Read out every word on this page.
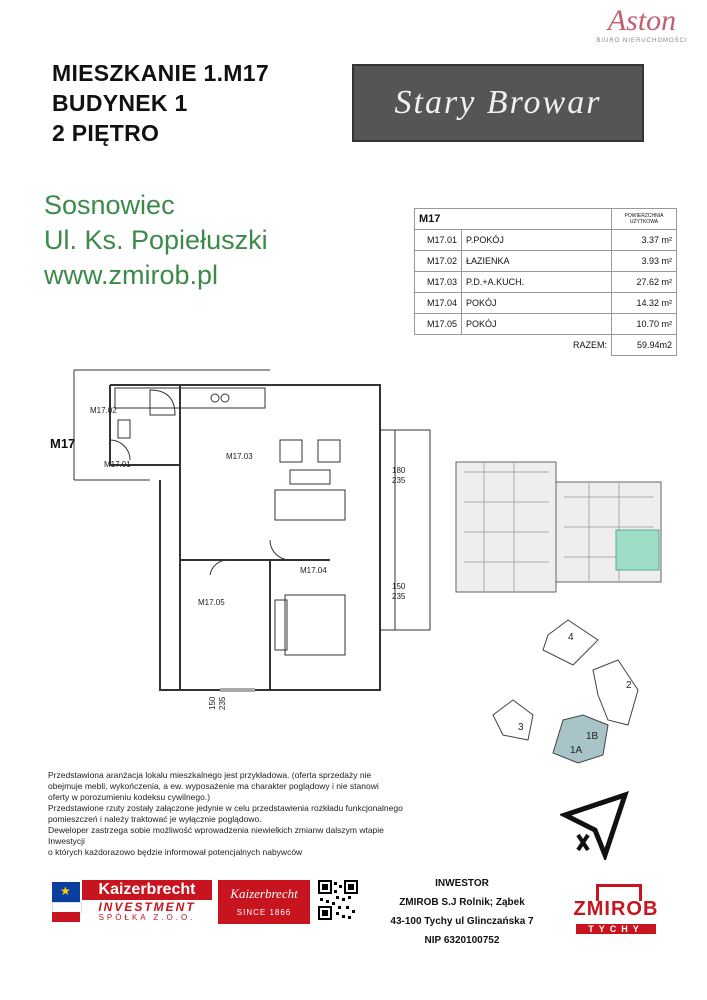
MIESZKANIE 1.M17
BUDYNEK 1
2 PIĘTRO
Aston
BIURO NIERUCHOMOŚCI
Stary Browar
Sosnowiec
Ul. Ks. Popiełuszki
www.zmirob.pl
M17		POWIERZCHNIA UŻYTKOWA
M17.01	P.POKÓJ	3.37 m²
M17.02	ŁAZIENKA	3.93 m²
M17.03	P.D.+A.KUCH.	27.62 m²
M17.04	POKÓJ	14.32 m²
M17.05	POKÓJ	10.70 m²
RAZEM:		59.94m2
M17.02
M17
M17.01
M17.03
M17.04
M17.05
180
235
150
235
150 235
4
2
3
1B
1A
Przedstawiona aranżacja lokalu mieszkalnego jest przykładowa. (oferta sprzedaży nie
obejmuje mebli, wykończenia, a ew. wyposażenie ma charakter poglądowy i nie stanowi
oferty w porozumieniu kodeksu cywilnego.)
Przedstawione rzuty zostały załączone jedynie w celu przedstawienia rozkładu funkcjonalnego
pomieszczeń i należy traktować je wyłącznie poglądowo.
Deweloper zastrzega sobie możliwość wprowadzenia niewielkich zmianw dalszym wtapie Inwestycji
o których każdorazowo będzie informował potencjalnych nabywców
★	Kaizerbrecht
INVESTMENT
SPÓŁKA Z.O.O.
Kaizerbrecht
SINCE 1866
INWESTOR
ZMIROB S.J Rolnik; Ząbek
43-100 Tychy ul Glinczańska 7
NIP 6320100752
ZMIROB
TYCHY
